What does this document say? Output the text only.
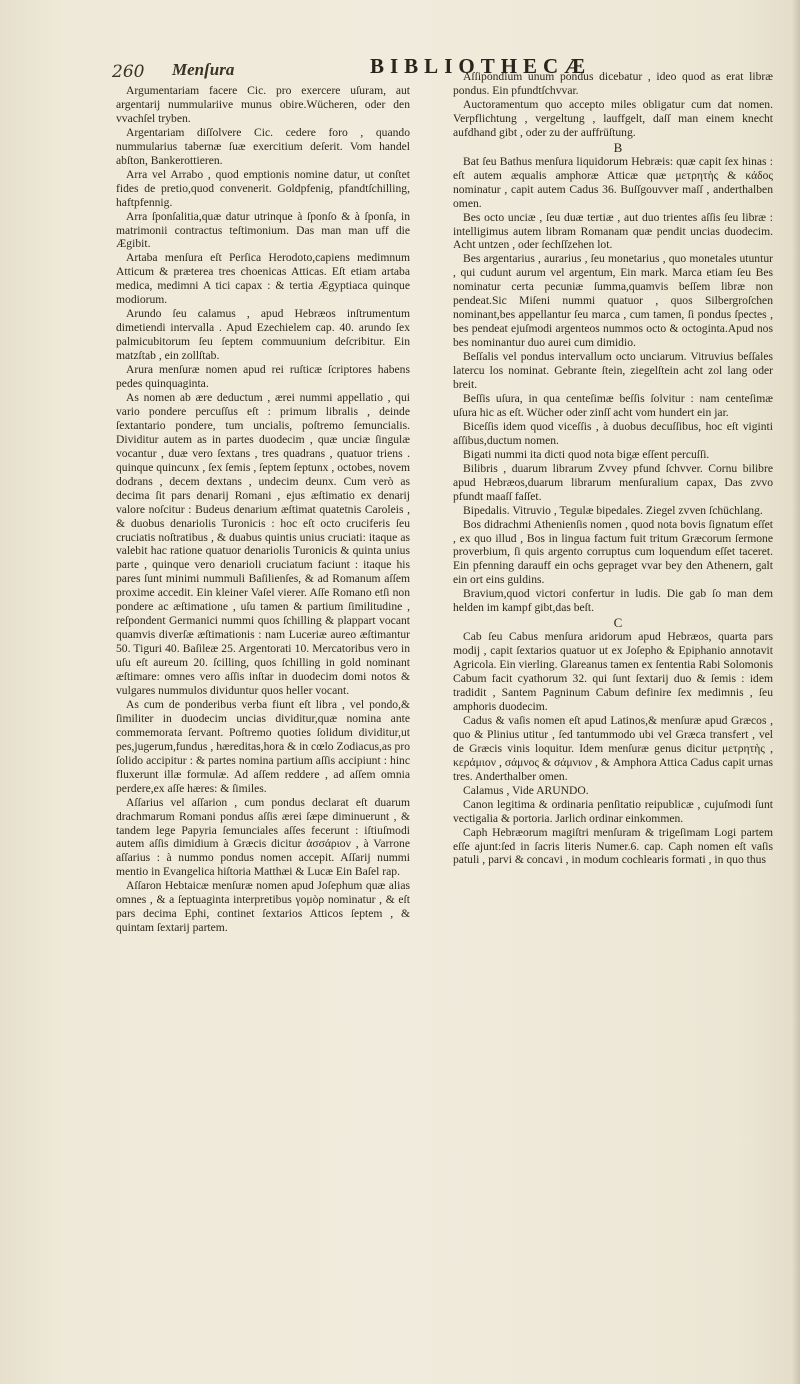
260 Menſura	BIBLIOTHECÆ

Argumentariam facere Cic. pro exercere uſuram, aut argentarij nummulariive munus obire.Wücheren, oder den vvachſel tryben.

Argentariam diſſolvere Cic. cedere foro , quando nummularius tabernæ ſuæ exercitium deſerit. Vom handel abſton, Bankerottieren.

Arra vel Arrabo , quod emptionis nomine datur, ut conſtet fides de pretio,quod convenerit. Goldpfenig, pfandtſchilling, haftpfennig.

Arra ſponſalitia,quæ datur utrinque à ſponſo & à ſponſa, in matrimonii contractus teſtimonium. Das man man uff die Ægibit.

Artaba menſura eſt Perſica Herodoto,capiens medimnum Atticum & præterea tres choenicas Atticas. Eſt etiam artaba medica, medimni A tici capax : & tertia Ægyptiaca quinque modiorum.

Arundo ſeu calamus , apud Hebræos inſtrumentum dimetiendi intervalla . Apud Ezechielem cap. 40. arundo ſex palmicubitorum ſeu ſeptem commuunium deſcribitur. Ein matzſtab , ein zollſtab.

Arura menſuræ nomen apud rei ruſticæ ſcriptores habens pedes quinquaginta.

As nomen ab ære deductum , ærei nummi appellatio , qui vario pondere percuſſus eſt : primum libralis , deinde ſextantario pondere, tum uncialis, poſtremo ſemuncialis. Dividitur autem as in partes duodecim , quæ unciæ ſingulæ vocantur , duæ vero ſextans , tres quadrans , quatuor triens . quinque quincunx , ſex ſemis , ſeptem ſeptunx , octobes, novem dodrans , decem dextans , undecim deunx. Cum verò as decima ſit pars denarij Romani , ejus æſtimatio ex denarij valore noſcitur : Budeus denarium æſtimat quatetnis Caroleis , & duobus denariolis Turonicis : hoc eſt octo cruciferis ſeu cruciatis noſtratibus , & duabus quintis unius cruciati: itaque as valebit hac ratione quatuor denariolis Turonicis & quinta unius parte , quinque vero denarioli cruciatum faciunt : itaque his pares ſunt minimi nummuli Baſilienſes, & ad Romanum aſſem proxime accedit. Ein kleiner Vaſel vierer. Aſſe Romano etſi non pondere ac æſtimatione , uſu tamen & partium ſimilitudine , reſpondent Germanici nummi quos ſchilling & plappart vocant quamvis diverſæ æſtimationis : nam Luceriæ aureo æſtimantur 50. Tiguri 40. Baſileæ 25. Argentorati 10. Mercatoribus vero in uſu eſt aureum 20. ſcilling, quos ſchilling in gold nominant æſtimare: omnes vero aſſis inſtar in duodecim domi notos & vulgares nummulos dividuntur quos heller vocant.

As cum de ponderibus verba fiunt eſt libra , vel pondo,& ſimiliter in duodecim uncias dividitur,quæ nomina ante commemorata ſervant. Poſtremo quoties ſolidum dividitur,ut pes,jugerum,fundus , hæreditas,hora & in cœlo Zodiacus,as pro ſolido accipitur : & partes nomina partium aſſis accipiunt : hinc fluxerunt illæ formulæ. Ad aſſem reddere , ad aſſem omnia perdere,ex aſſe hæres: & ſimiles.

Aſſarius vel aſſarion , cum pondus declarat eſt duarum drachmarum Romani pondus aſſis ærei ſæpe diminuerunt , & tandem lege Papyria ſemunciales aſſes fecerunt : iſtiuſmodi autem aſſis dimidium à Græcis dicitur ἀσσάριον , à Varrone aſſarius : à nummo pondus nomen accepit. Aſſarij nummi mentio in Evangelica hiſtoria Matthæi & Lucæ Ein Baſel rap.

Aſſaron Hebtaicæ menſuræ nomen apud Joſephum quæ alias omnes , & a ſeptuaginta interpretibus γομὸρ nominatur , & eſt pars decima Ephi, continet ſextarios Atticos ſeptem , & quintam ſextarij partem.

Aſſipondium unum pondus dicebatur , ideo quod as erat libræ pondus. Ein pfundtſchvvar.

Auctoramentum quo accepto miles obligatur cum dat nomen. Verpflichtung , vergeltung , lauffgelt, daſſ man einem knecht aufdhand gibt , oder zu der auffrüſtung.

B

Bat ſeu Bathus menſura liquidorum Hebræis: quæ capit ſex hinas : eſt autem æqualis amphoræ Atticæ quæ μετρητὴς & κάδος nominatur , capit autem Cadus 36. Buſſgouvver maſſ , anderthalben omen.

Bes octo unciæ , ſeu duæ tertiæ , aut duo trientes aſſis ſeu libræ : intelligimus autem libram Romanam quæ pendit uncias duodecim. Acht untzen , oder ſechſſzehen lot.

Bes argentarius , aurarius , ſeu monetarius , quo monetales utuntur , qui cudunt aurum vel argentum, Ein mark. Marca etiam ſeu Bes nominatur certa pecuniæ ſumma,quamvis beſſem libræ non pendeat.Sic Miſeni nummi quatuor , quos Silbergroſchen nominant,bes appellantur ſeu marca , cum tamen, ſi pondus ſpectes , bes pendeat ejuſmodi argenteos nummos octo & octoginta.Apud nos bes nominantur duo aurei cum dimidio.

Beſſalis vel pondus intervallum octo unciarum. Vitruvius beſſales latercu los nominat. Gebrante ſtein, ziegelſtein acht zol lang oder breit.

Beſſis uſura, in qua centeſimæ beſſis ſolvitur : nam centeſimæ uſura hic as eſt. Wücher oder zinſſ acht vom hundert ein jar.

Biceſſis idem quod viceſſis , à duobus decuſſibus, hoc eſt viginti aſſibus,ductum nomen.

Bigati nummi ita dicti quod nota bigæ eſſent percuſſi.

Bilibris , duarum librarum Zvvey pfund ſchvver. Cornu bilibre apud Hebræos,duarum librarum menſuralium capax, Das zvvo pfundt maaſſ faſſet.

Bipedalis. Vitruvio , Tegulæ bipedales. Ziegel zvven ſchüchlang.

Bos didrachmi Athenienſis nomen , quod nota bovis ſignatum eſſet , ex quo illud , Bos in lingua factum fuit tritum Græcorum ſermone proverbium, ſi quis argento corruptus cum loquendum eſſet taceret. Ein pfenning darauff ein ochs gepraget vvar bey den Athenern, galt ein ort eins guldins.

Bravium,quod victori confertur in ludis. Die gab ſo man dem helden im kampf gibt,das beſt.

C

Cab ſeu Cabus menſura aridorum apud Hebræos, quarta pars modij , capit ſextarios quatuor ut ex Joſepho & Epiphanio annotavit Agricola. Ein vierling. Glareanus tamen ex ſententia Rabi Solomonis Cabum facit cyathorum 32. qui ſunt ſextarij duo & ſemis : idem tradidit , Santem Pagninum Cabum definire ſex medimnis , ſeu amphoris duodecim.

Cadus & vaſis nomen eſt apud Latinos,& menſuræ apud Græcos , quo & Plinius utitur , ſed tantummodo ubi vel Græca transfert , vel de Græcis vinis loquitur. Idem menſuræ genus dicitur μετρητὴς , κεράμιον , σάμνος & σάμνιον , & Amphora Attica Cadus capit urnas tres. Anderthalber omen.

Calamus , Vide ARUNDO.

Canon legitima & ordinaria penſitatio reipublicæ , cujuſmodi ſunt vectigalia & portoria. Jarlich ordinar einkommen.

Caph Hebræorum magiſtri menſuram & trigeſimam Logi partem eſſe ajunt:ſed in ſacris literis Numer.6. cap. Caph nomen eſt vaſis patuli , parvi & concavi , in modum cochlearis formati , in quo thus
